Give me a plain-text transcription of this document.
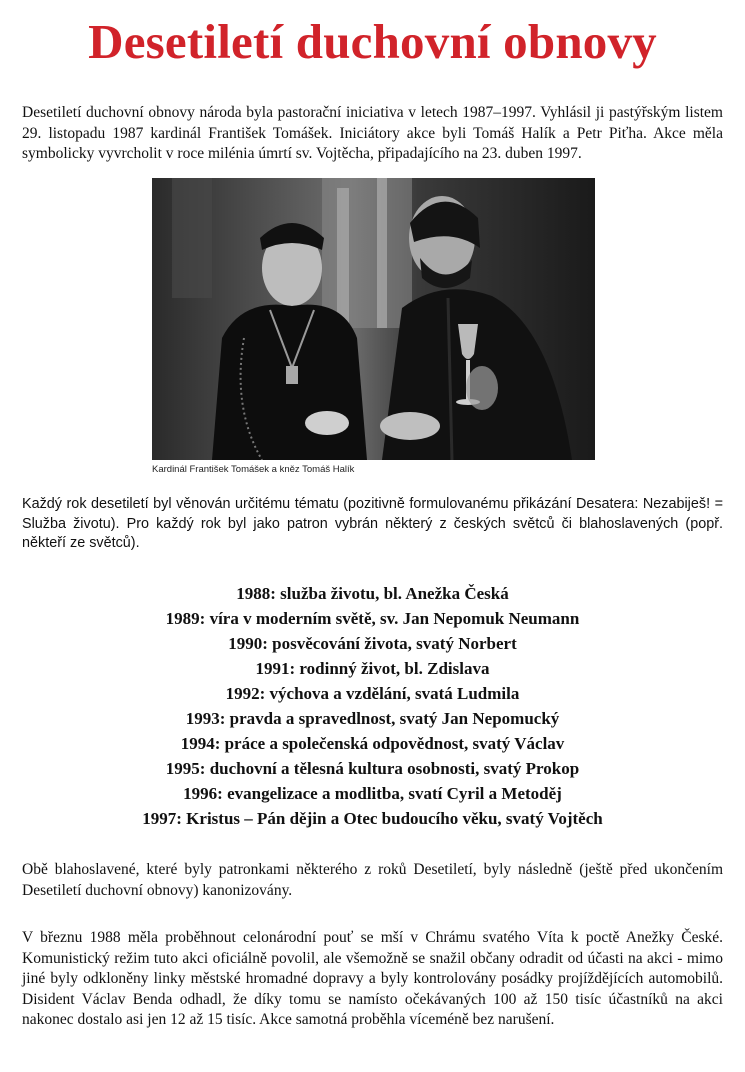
Desetiletí duchovní obnovy

Desetiletí duchovní obnovy národa byla pastorační iniciativa v letech 1987–1997. Vyhlásil ji pastýřským listem 29. listopadu 1987 kardinál František Tomášek. Iniciátory akce byli Tomáš Halík a Petr Piťha. Akce měla symbolicky vyvrcholit v roce milénia úmrtí sv. Vojtěcha, připadajícího na 23. duben 1997.

Kardinál František Tomášek a kněz Tomáš Halík

Každý rok desetiletí byl věnován určitému tématu (pozitivně formulovanému přikázání Desatera: Nezabiješ! = Služba životu). Pro každý rok byl jako patron vybrán některý z českých světců či blahoslavených (popř. někteří ze světců).

1988: služba životu, bl. Anežka Česká
1989: víra v moderním světě, sv. Jan Nepomuk Neumann
1990: posvěcování života, svatý Norbert
1991: rodinný život, bl. Zdislava
1992: výchova a vzdělání, svatá Ludmila
1993: pravda a spravedlnost, svatý Jan Nepomucký
1994: práce a společenská odpovědnost, svatý Václav
1995: duchovní a tělesná kultura osobnosti, svatý Prokop
1996: evangelizace a modlitba, svatí Cyril a Metoděj
1997: Kristus – Pán dějin a Otec budoucího věku, svatý Vojtěch

Obě blahoslavené, které byly patronkami některého z roků Desetiletí, byly následně (ještě před ukončením Desetiletí duchovní obnovy) kanonizovány.

V březnu 1988 měla proběhnout celonárodní pouť se mší v Chrámu svatého Víta k poctě Anežky České. Komunistický režim tuto akci oficiálně povolil, ale všemožně se snažil občany odradit od účasti na akci - mimo jiné byly odkloněny linky městské hromadné dopravy a byly kontrolovány posádky projíždějících automobilů. Disident Václav Benda odhadl, že díky tomu se namísto očekávaných 100 až 150 tisíc účastníků na akci nakonec dostalo asi jen 12 až 15 tisíc. Akce samotná proběhla víceméně bez narušení.
